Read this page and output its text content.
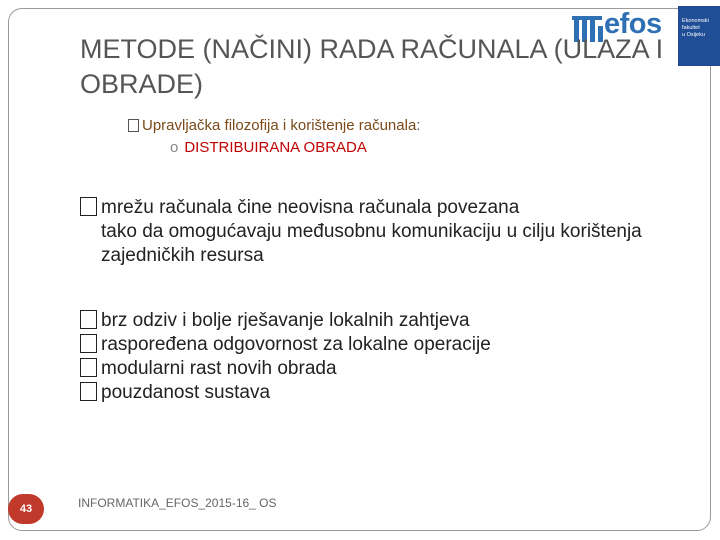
efos	Ekonomski fakultet
u Osijeku
METODE (NAČINI) RADA RAČUNALA (ULAZA I OBRADE)
Upravljačka filozofija i korištenje računala:
o DISTRIBUIRANA OBRADA
mrežu računala čine neovisna računala povezana
tako da omogućavaju međusobnu komunikaciju u cilju korištenja zajedničkih resursa
brz odziv i bolje rješavanje lokalnih zahtjeva
raspoređena odgovornost za lokalne operacije
modularni rast novih obrada
pouzdanost sustava
43	INFORMATIKA_EFOS_2015-16_ OS
